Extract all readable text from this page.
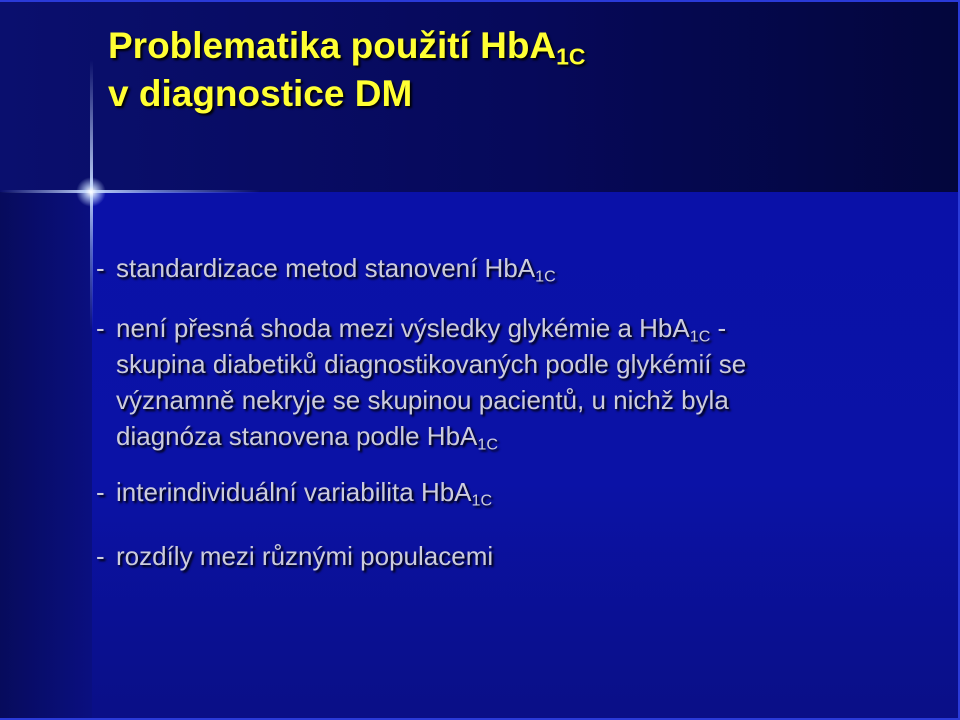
Problematika použití HbA$_{1C}$
v diagnostice DM
- standardizace metod stanovení HbA$_{1C}$
- není přesná shoda mezi výsledky glykémie a HbA$_{1C}$ -
skupina diabetiků diagnostikovaných podle glykémií se
významně nekryje se skupinou pacientů, u nichž byla
diagnóza stanovena podle HbA$_{1C}$
- interindividuální variabilita HbA$_{1C}$
- rozdíly mezi různými populacemi
